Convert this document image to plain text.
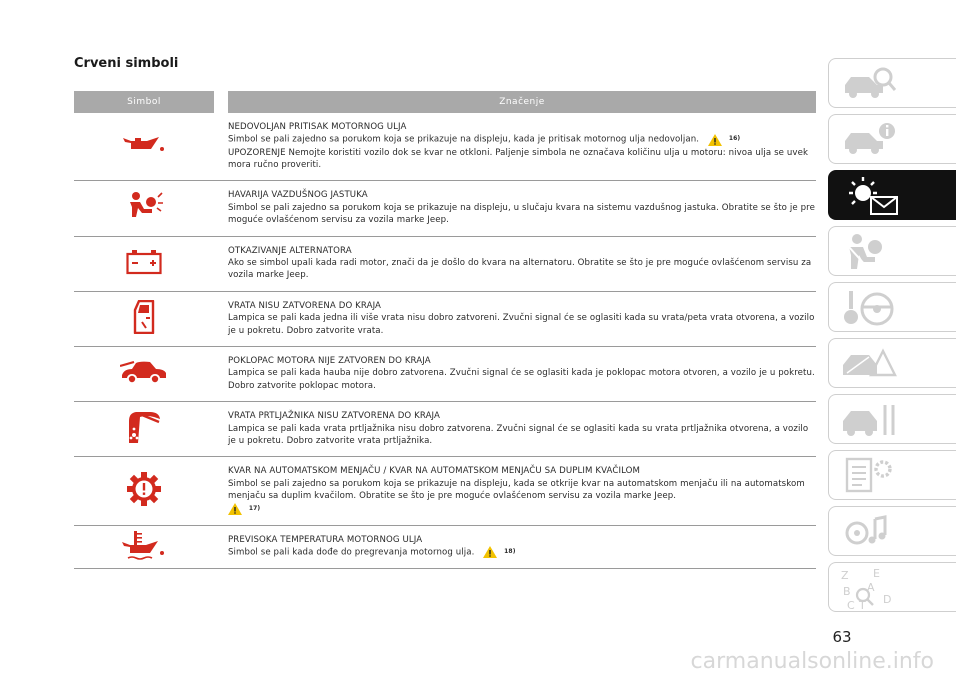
Crveni simboli
Simbol		Značenje

NEDOVOLJAN PRITISAK MOTORNOG ULJA
Simbol se pali zajedno sa porukom koja se prikazuje na displeju, kada je pritisak motornog ulja nedovoljan. 16)
UPOZORENJE Nemojte koristiti vozilo dok se kvar ne otkloni. Paljenje simbola ne označava količinu ulja u motoru: nivoa ulja se uvek mora ručno proveriti.

HAVARIJA VAZDUŠNOG JASTUKA
Simbol se pali zajedno sa porukom koja se prikazuje na displeju, u slučaju kvara na sistemu vazdušnog jastuka. Obratite se što je pre moguće ovlašćenom servisu za vozila marke Jeep.

OTKAZIVANJE ALTERNATORA
Ako se simbol upali kada radi motor, znači da je došlo do kvara na alternatoru. Obratite se što je pre moguće ovlašćenom servisu za vozila marke Jeep.

VRATA NISU ZATVORENA DO KRAJA
Lampica se pali kada jedna ili više vrata nisu dobro zatvoreni. Zvučni signal će se oglasiti kada su vrata/peta vrata otvorena, a vozilo je u pokretu. Dobro zatvorite vrata.

POKLOPAC MOTORA NIJE ZATVOREN DO KRAJA
Lampica se pali kada hauba nije dobro zatvorena. Zvučni signal će se oglasiti kada je poklopac motora otvoren, a vozilo je u pokretu. Dobro zatvorite poklopac motora.

VRATA PRTLJAŽNIKA NISU ZATVORENA DO KRAJA
Lampica se pali kada vrata prtljažnika nisu dobro zatvorena. Zvučni signal će se oglasiti kada su vrata prtljažnika otvorena, a vozilo je u pokretu. Dobro zatvorite vrata prtljažnika.

KVAR NA AUTOMATSKOM MENJAČU / KVAR NA AUTOMATSKOM MENJAČU SA DUPLIM KVAČILOM
Simbol se pali zajedno sa porukom koja se prikazuje na displeju, kada se otkrije kvar na automatskom menjaču ili na automatskom menjaču sa duplim kvačilom. Obratite se što je pre moguće ovlašćenom servisu za vozila marke Jeep.
17)

PREVISOKA TEMPERATURA MOTORNOG ULJA
Simbol se pali kada dođe do pregrevanja motornog ulja. 18)
Z E
A
B
C T D
63
carmanualsonline.info
